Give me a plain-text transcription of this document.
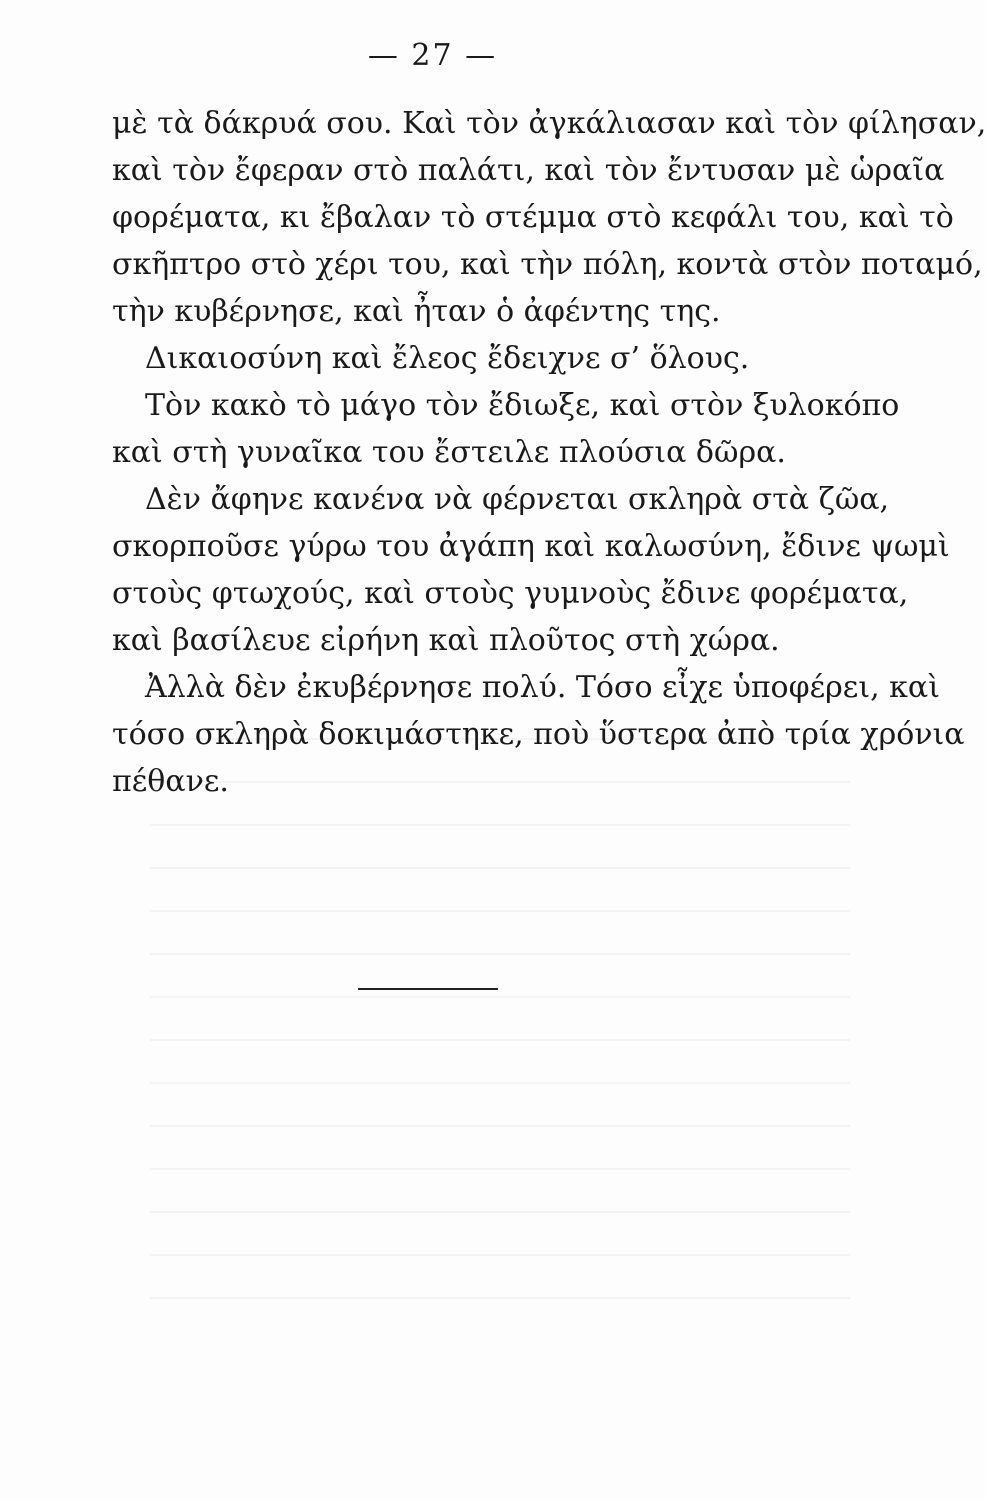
— 27 —
μὲ τὰ δάκρυά σου. Καὶ τὸν ἀγκάλιασαν καὶ τὸν φίλησαν,
καὶ τὸν ἔφεραν στὸ παλάτι, καὶ τὸν ἔντυσαν μὲ ὡραῖα
φορέματα, κι ἔβαλαν τὸ στέμμα στὸ κεφάλι του, καὶ τὸ
σκῆπτρο στὸ χέρι του, καὶ τὴν πόλη, κοντὰ στὸν ποταμό,
τὴν κυβέρνησε, καὶ ἦταν ὁ ἀφέντης της.
Δικαιοσύνη καὶ ἔλεος ἔδειχνε σ’ ὅλους.
Τὸν κακὸ τὸ μάγο τὸν ἔδιωξε, καὶ στὸν ξυλοκόπο
καὶ στὴ γυναῖκα του ἔστειλε πλούσια δῶρα.
Δὲν ἄφηνε κανένα νὰ φέρνεται σκληρὰ στὰ ζῶα,
σκορποῦσε γύρω του ἀγάπη καὶ καλωσύνη, ἔδινε ψωμὶ
στοὺς φτωχούς, καὶ στοὺς γυμνοὺς ἔδινε φορέματα,
καὶ βασίλευε εἰρήνη καὶ πλοῦτος στὴ χώρα.
Ἀλλὰ δὲν ἐκυβέρνησε πολύ. Τόσο εἶχε ὑποφέρει, καὶ
τόσο σκληρὰ δοκιμάστηκε, ποὺ ὕστερα ἀπὸ τρία χρόνια
πέθανε.
